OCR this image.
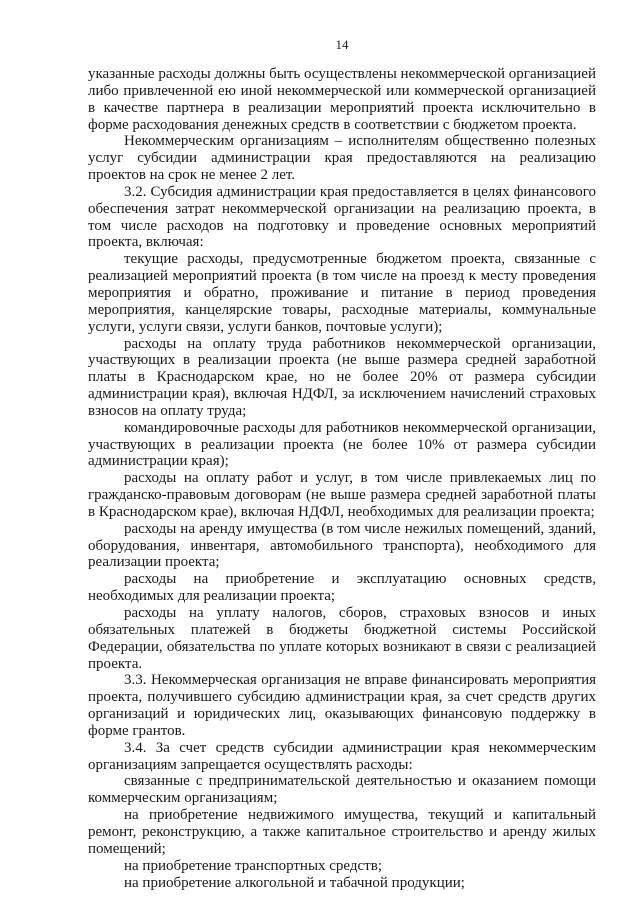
14

указанные расходы должны быть осуществлены некоммерческой организацией либо привлеченной ею иной некоммерческой или коммерческой организацией в качестве партнера в реализации мероприятий проекта исключительно в форме расходования денежных средств в соответствии с бюджетом проекта.

Некоммерческим организациям – исполнителям общественно полезных услуг субсидии администрации края предоставляются на реализацию проектов на срок не менее 2 лет.

3.2. Субсидия администрации края предоставляется в целях финансового обеспечения затрат некоммерческой организации на реализацию проекта, в том числе расходов на подготовку и проведение основных мероприятий проекта, включая:

текущие расходы, предусмотренные бюджетом проекта, связанные с реализацией мероприятий проекта (в том числе на проезд к месту проведения мероприятия и обратно, проживание и питание в период проведения мероприятия, канцелярские товары, расходные материалы, коммунальные услуги, услуги связи, услуги банков, почтовые услуги);

расходы на оплату труда работников некоммерческой организации, участвующих в реализации проекта (не выше размера средней заработной платы в Краснодарском крае, но не более 20% от размера субсидии администрации края), включая НДФЛ, за исключением начислений страховых взносов на оплату труда;

командировочные расходы для работников некоммерческой организации, участвующих в реализации проекта (не более 10% от размера субсидии администрации края);

расходы на оплату работ и услуг, в том числе привлекаемых лиц по гражданско-правовым договорам (не выше размера средней заработной платы в Краснодарском крае), включая НДФЛ, необходимых для реализации проекта;

расходы на аренду имущества (в том числе нежилых помещений, зданий, оборудования, инвентаря, автомобильного транспорта), необходимого для реализации проекта;

расходы на приобретение и эксплуатацию основных средств, необходимых для реализации проекта;

расходы на уплату налогов, сборов, страховых взносов и иных обязательных платежей в бюджеты бюджетной системы Российской Федерации, обязательства по уплате которых возникают в связи с реализацией проекта.

3.3. Некоммерческая организация не вправе финансировать мероприятия проекта, получившего субсидию администрации края, за счет средств других организаций и юридических лиц, оказывающих финансовую поддержку в форме грантов.

3.4. За счет средств субсидии администрации края некоммерческим организациям запрещается осуществлять расходы:

связанные с предпринимательской деятельностью и оказанием помощи коммерческим организациям;

на приобретение недвижимого имущества, текущий и капитальный ремонт, реконструкцию, а также капитальное строительство и аренду жилых помещений;

на приобретение транспортных средств;

на приобретение алкогольной и табачной продукции;
